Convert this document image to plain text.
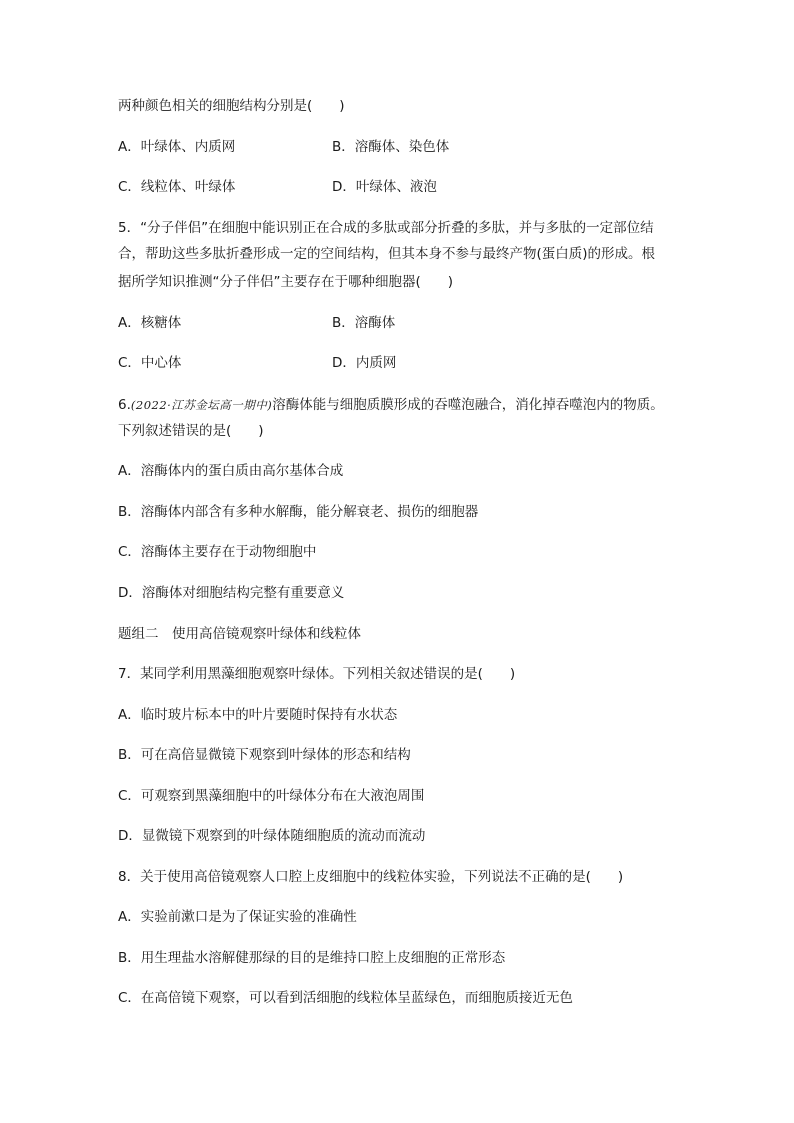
两种颜色相关的细胞结构分别是(　　)
A．叶绿体、内质网	B．溶酶体、染色体
C．线粒体、叶绿体	D．叶绿体、液泡
5．“分子伴侣”在细胞中能识别正在合成的多肽或部分折叠的多肽，并与多肽的一定部位结
合，帮助这些多肽折叠形成一定的空间结构，但其本身不参与最终产物(蛋白质)的形成。根
据所学知识推测“分子伴侣”主要存在于哪种细胞器(　　)
A．核糖体	B．溶酶体
C．中心体	D．内质网
6.(2022·江苏金坛高一期中)溶酶体能与细胞质膜形成的吞噬泡融合，消化掉吞噬泡内的物质。
下列叙述错误的是(　　)
A．溶酶体内的蛋白质由高尔基体合成
B．溶酶体内部含有多种水解酶，能分解衰老、损伤的细胞器
C．溶酶体主要存在于动物细胞中
D．溶酶体对细胞结构完整有重要意义
题组二　使用高倍镜观察叶绿体和线粒体
7．某同学利用黑藻细胞观察叶绿体。下列相关叙述错误的是(　　)
A．临时玻片标本中的叶片要随时保持有水状态
B．可在高倍显微镜下观察到叶绿体的形态和结构
C．可观察到黑藻细胞中的叶绿体分布在大液泡周围
D．显微镜下观察到的叶绿体随细胞质的流动而流动
8．关于使用高倍镜观察人口腔上皮细胞中的线粒体实验，下列说法不正确的是(　　)
A．实验前漱口是为了保证实验的准确性
B．用生理盐水溶解健那绿的目的是维持口腔上皮细胞的正常形态
C．在高倍镜下观察，可以看到活细胞的线粒体呈蓝绿色，而细胞质接近无色
